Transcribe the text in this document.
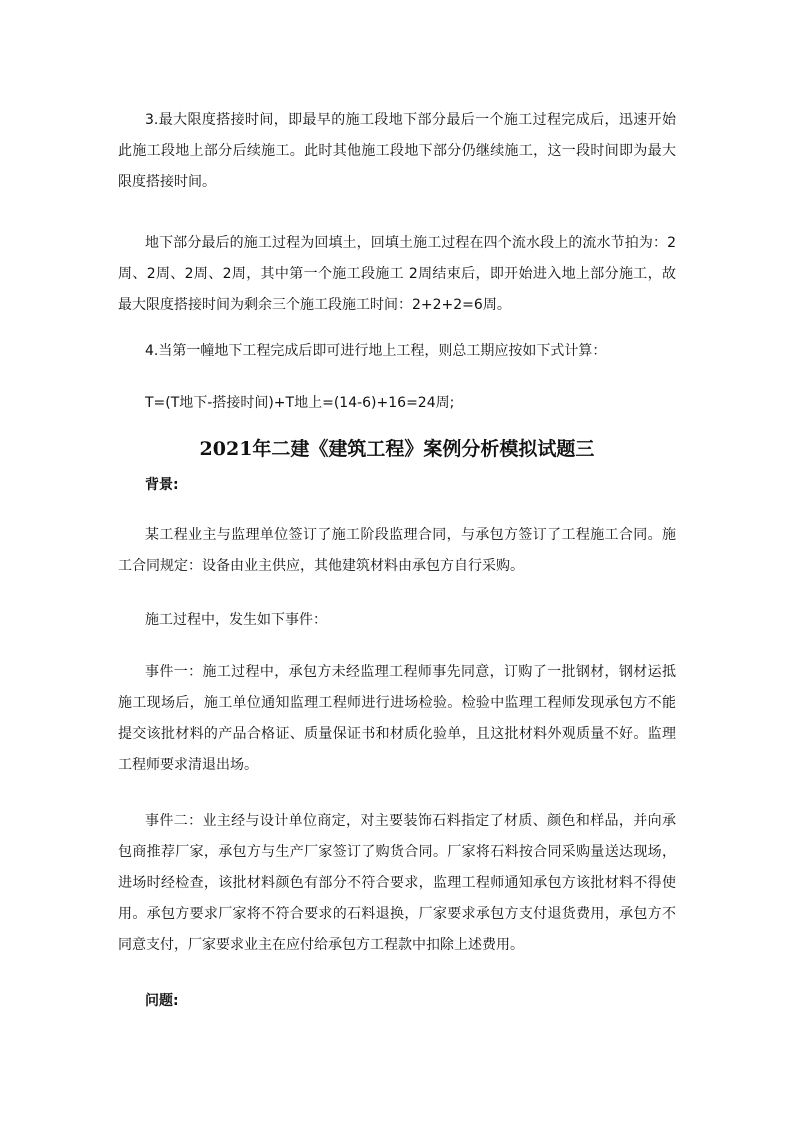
3.最大限度搭接时间，即最早的施工段地下部分最后一个施工过程完成后，迅速开始
此施工段地上部分后续施工。此时其他施工段地下部分仍继续施工，这一段时间即为最大
限度搭接时间。
地下部分最后的施工过程为回填土，回填土施工过程在四个流水段上的流水节拍为：2
周、2周、2周、2周，其中第一个施工段施工 2周结束后，即开始进入地上部分施工，故
最大限度搭接时间为剩余三个施工段施工时间：2+2+2=6周。
4.当第一幢地下工程完成后即可进行地上工程，则总工期应按如下式计算：
T=(T地下-搭接时间)+T地上=(14-6)+16=24周;
2021年二建《建筑工程》案例分析模拟试题三
背景:
某工程业主与监理单位签订了施工阶段监理合同，与承包方签订了工程施工合同。施
工合同规定：设备由业主供应，其他建筑材料由承包方自行采购。
施工过程中，发生如下事件：
事件一：施工过程中，承包方未经监理工程师事先同意，订购了一批钢材，钢材运抵
施工现场后，施工单位通知监理工程师进行进场检验。检验中监理工程师发现承包方不能
提交该批材料的产品合格证、质量保证书和材质化验单，且这批材料外观质量不好。监理
工程师要求清退出场。
事件二：业主经与设计单位商定，对主要装饰石料指定了材质、颜色和样品，并向承
包商推荐厂家，承包方与生产厂家签订了购货合同。厂家将石料按合同采购量送达现场，
进场时经检查，该批材料颜色有部分不符合要求，监理工程师通知承包方该批材料不得使
用。承包方要求厂家将不符合要求的石料退换，厂家要求承包方支付退货费用，承包方不
同意支付，厂家要求业主在应付给承包方工程款中扣除上述费用。
问题:
